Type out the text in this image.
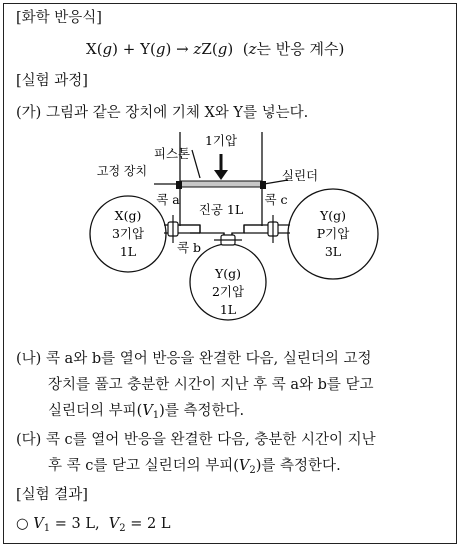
[화학 반응식]
X(g) + Y(g) → zZ(g)  (z는 반응 계수)
[실험 과정]
(가) 그림과 같은 장치에 기체 X와 Y를 넣는다.
1기압
피스톤
고정 장치	실린더
진공 1L
콕 a	콕 c
콕 b
X(g)
3기압
1L
Y(g)
2기압
1L
Y(g)
P기압
3L
(나) 콕 a와 b를 열어 반응을 완결한 다음, 실린더의 고정
장치를 풀고 충분한 시간이 지난 후 콕 a와 b를 닫고
실린더의 부피$(V_1)$를 측정한다.
(다) 콕 c를 열어 반응을 완결한 다음, 충분한 시간이 지난
후 콕 c를 닫고 실린더의 부피$(V_2)$를 측정한다.
[실험 결과]
○ $V_1 = 3$ L, $V_2 = 2$ L
